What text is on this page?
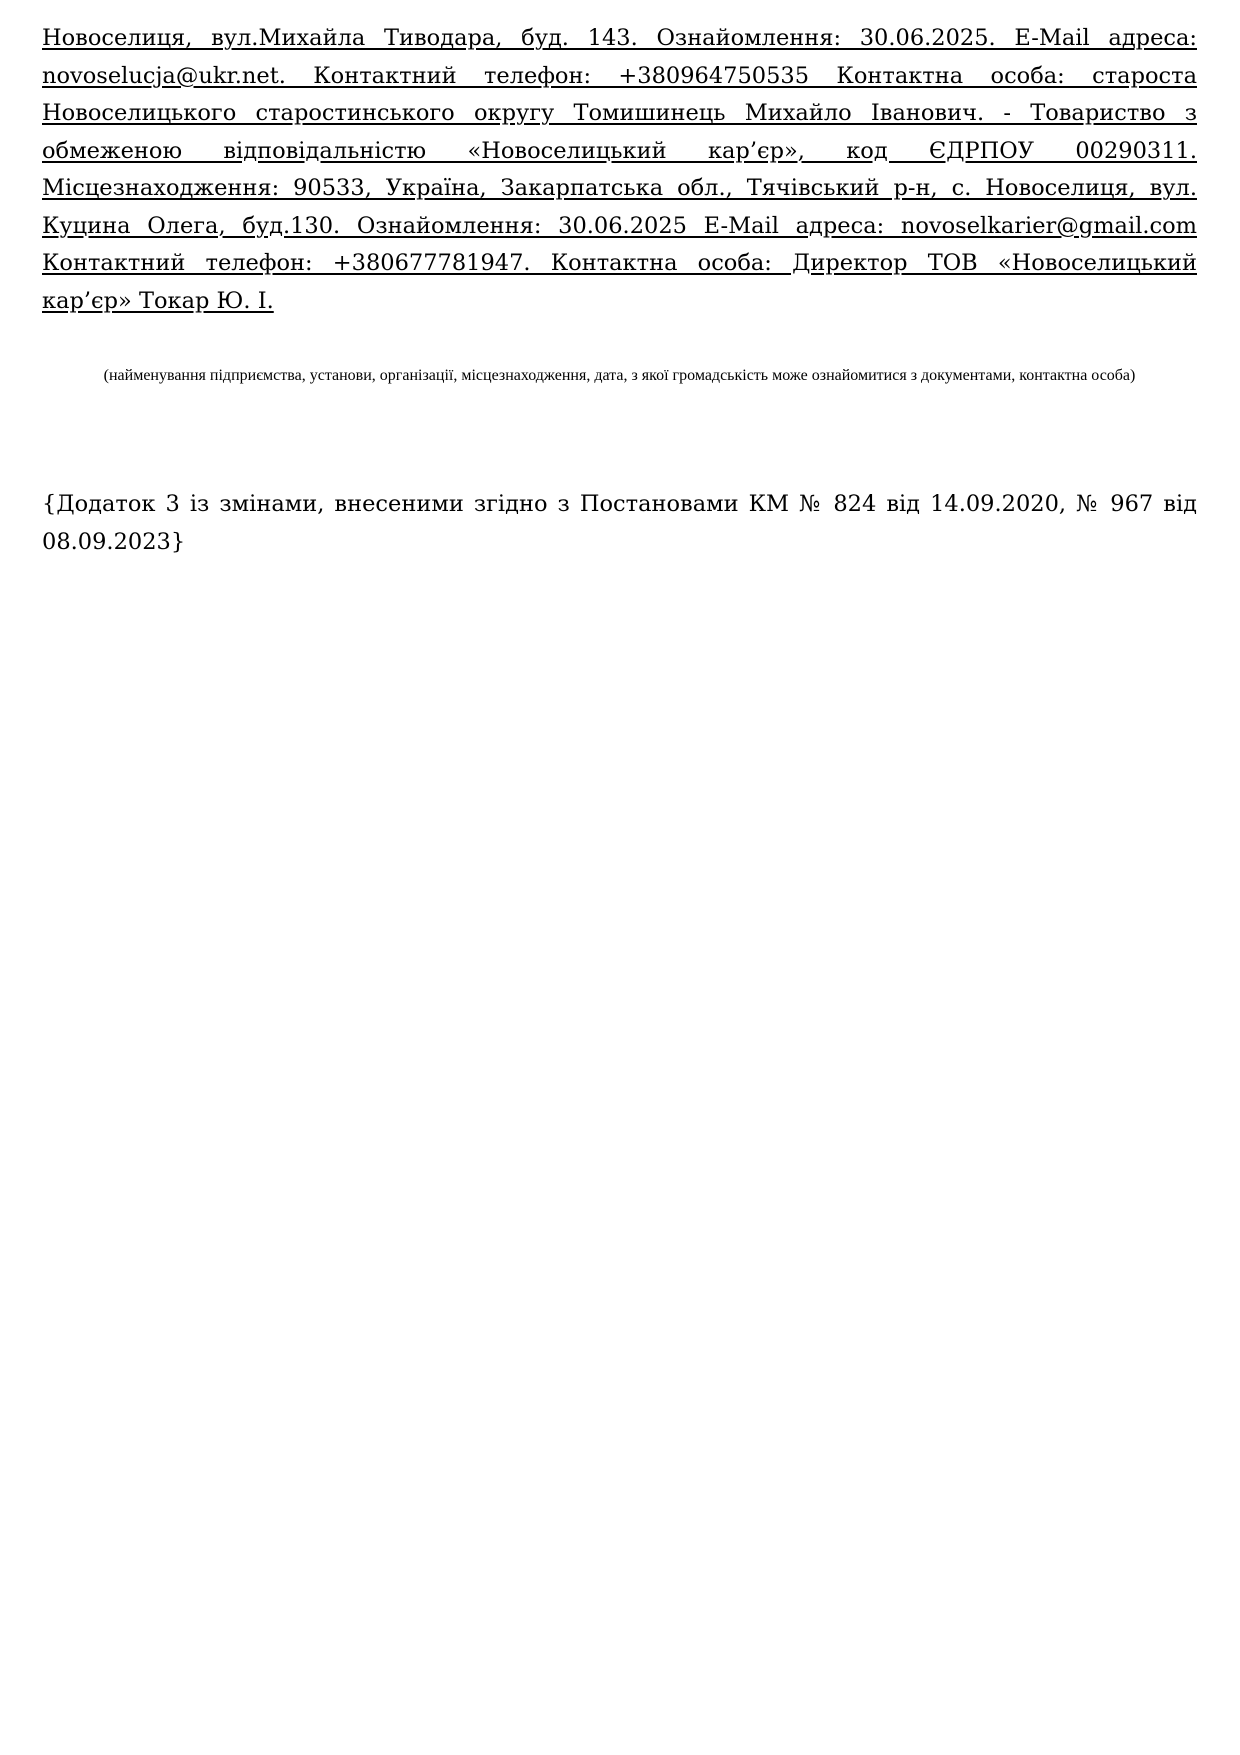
Новоселиця, вул.Михайла Тиводара, буд. 143. Ознайомлення: 30.06.2025. E-Mail адреса: novoselucja@ukr.net. Контактний телефон: +380964750535 Контактна особа: староста Новоселицького старостинського округу Томишинець Михайло Іванович. - Товариство з обмеженою відповідальністю «Новоселицький кар’єр», код ЄДРПОУ 00290311. Місцезнаходження: 90533, Україна, Закарпатська обл., Тячівський р-н, с. Новоселиця, вул. Куцина Олега, буд.130. Ознайомлення: 30.06.2025 E-Mail адреса: novoselkarier@gmail.com Контактний телефон: +380677781947. Контактна особа: Директор ТОВ «Новоселицький кар’єр» Токар Ю. І.

(найменування підприємства, установи, організації, місцезнаходження, дата, з якої громадськість може ознайомитися з документами, контактна особа)

{Додаток 3 із змінами, внесеними згідно з Постановами КМ № 824 від 14.09.2020, № 967 від 08.09.2023}
